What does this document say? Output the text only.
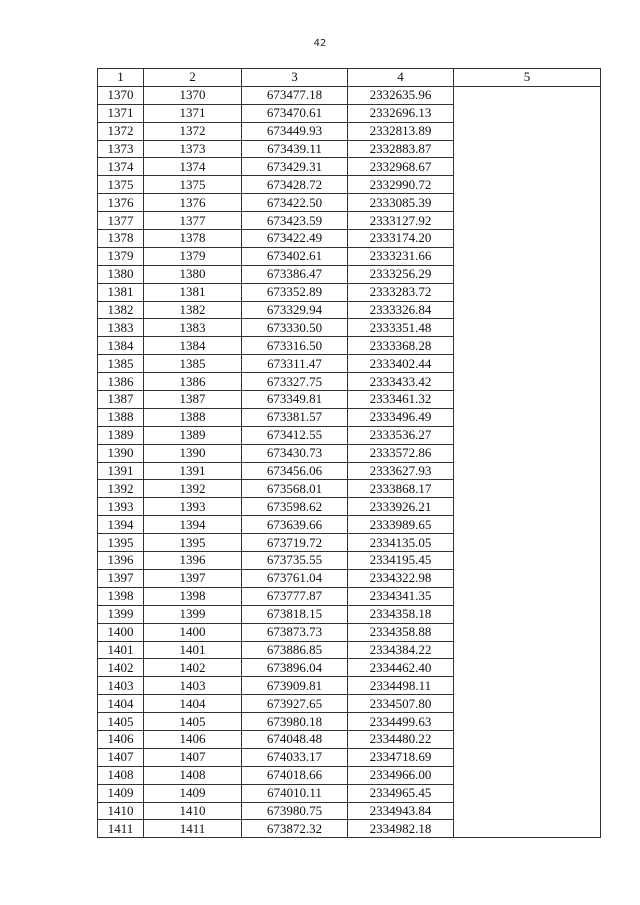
42
1	2	3	4	5
1370	1370	673477.18	2332635.96	
1371	1371	673470.61	2332696.13	
1372	1372	673449.93	2332813.89	
1373	1373	673439.11	2332883.87	
1374	1374	673429.31	2332968.67	
1375	1375	673428.72	2332990.72	
1376	1376	673422.50	2333085.39	
1377	1377	673423.59	2333127.92	
1378	1378	673422.49	2333174.20	
1379	1379	673402.61	2333231.66	
1380	1380	673386.47	2333256.29	
1381	1381	673352.89	2333283.72	
1382	1382	673329.94	2333326.84	
1383	1383	673330.50	2333351.48	
1384	1384	673316.50	2333368.28	
1385	1385	673311.47	2333402.44	
1386	1386	673327.75	2333433.42	
1387	1387	673349.81	2333461.32	
1388	1388	673381.57	2333496.49	
1389	1389	673412.55	2333536.27	
1390	1390	673430.73	2333572.86	
1391	1391	673456.06	2333627.93	
1392	1392	673568.01	2333868.17	
1393	1393	673598.62	2333926.21	
1394	1394	673639.66	2333989.65	
1395	1395	673719.72	2334135.05	
1396	1396	673735.55	2334195.45	
1397	1397	673761.04	2334322.98	
1398	1398	673777.87	2334341.35	
1399	1399	673818.15	2334358.18	
1400	1400	673873.73	2334358.88	
1401	1401	673886.85	2334384.22	
1402	1402	673896.04	2334462.40	
1403	1403	673909.81	2334498.11	
1404	1404	673927.65	2334507.80	
1405	1405	673980.18	2334499.63	
1406	1406	674048.48	2334480.22	
1407	1407	674033.17	2334718.69	
1408	1408	674018.66	2334966.00	
1409	1409	674010.11	2334965.45	
1410	1410	673980.75	2334943.84	
1411	1411	673872.32	2334982.18	
